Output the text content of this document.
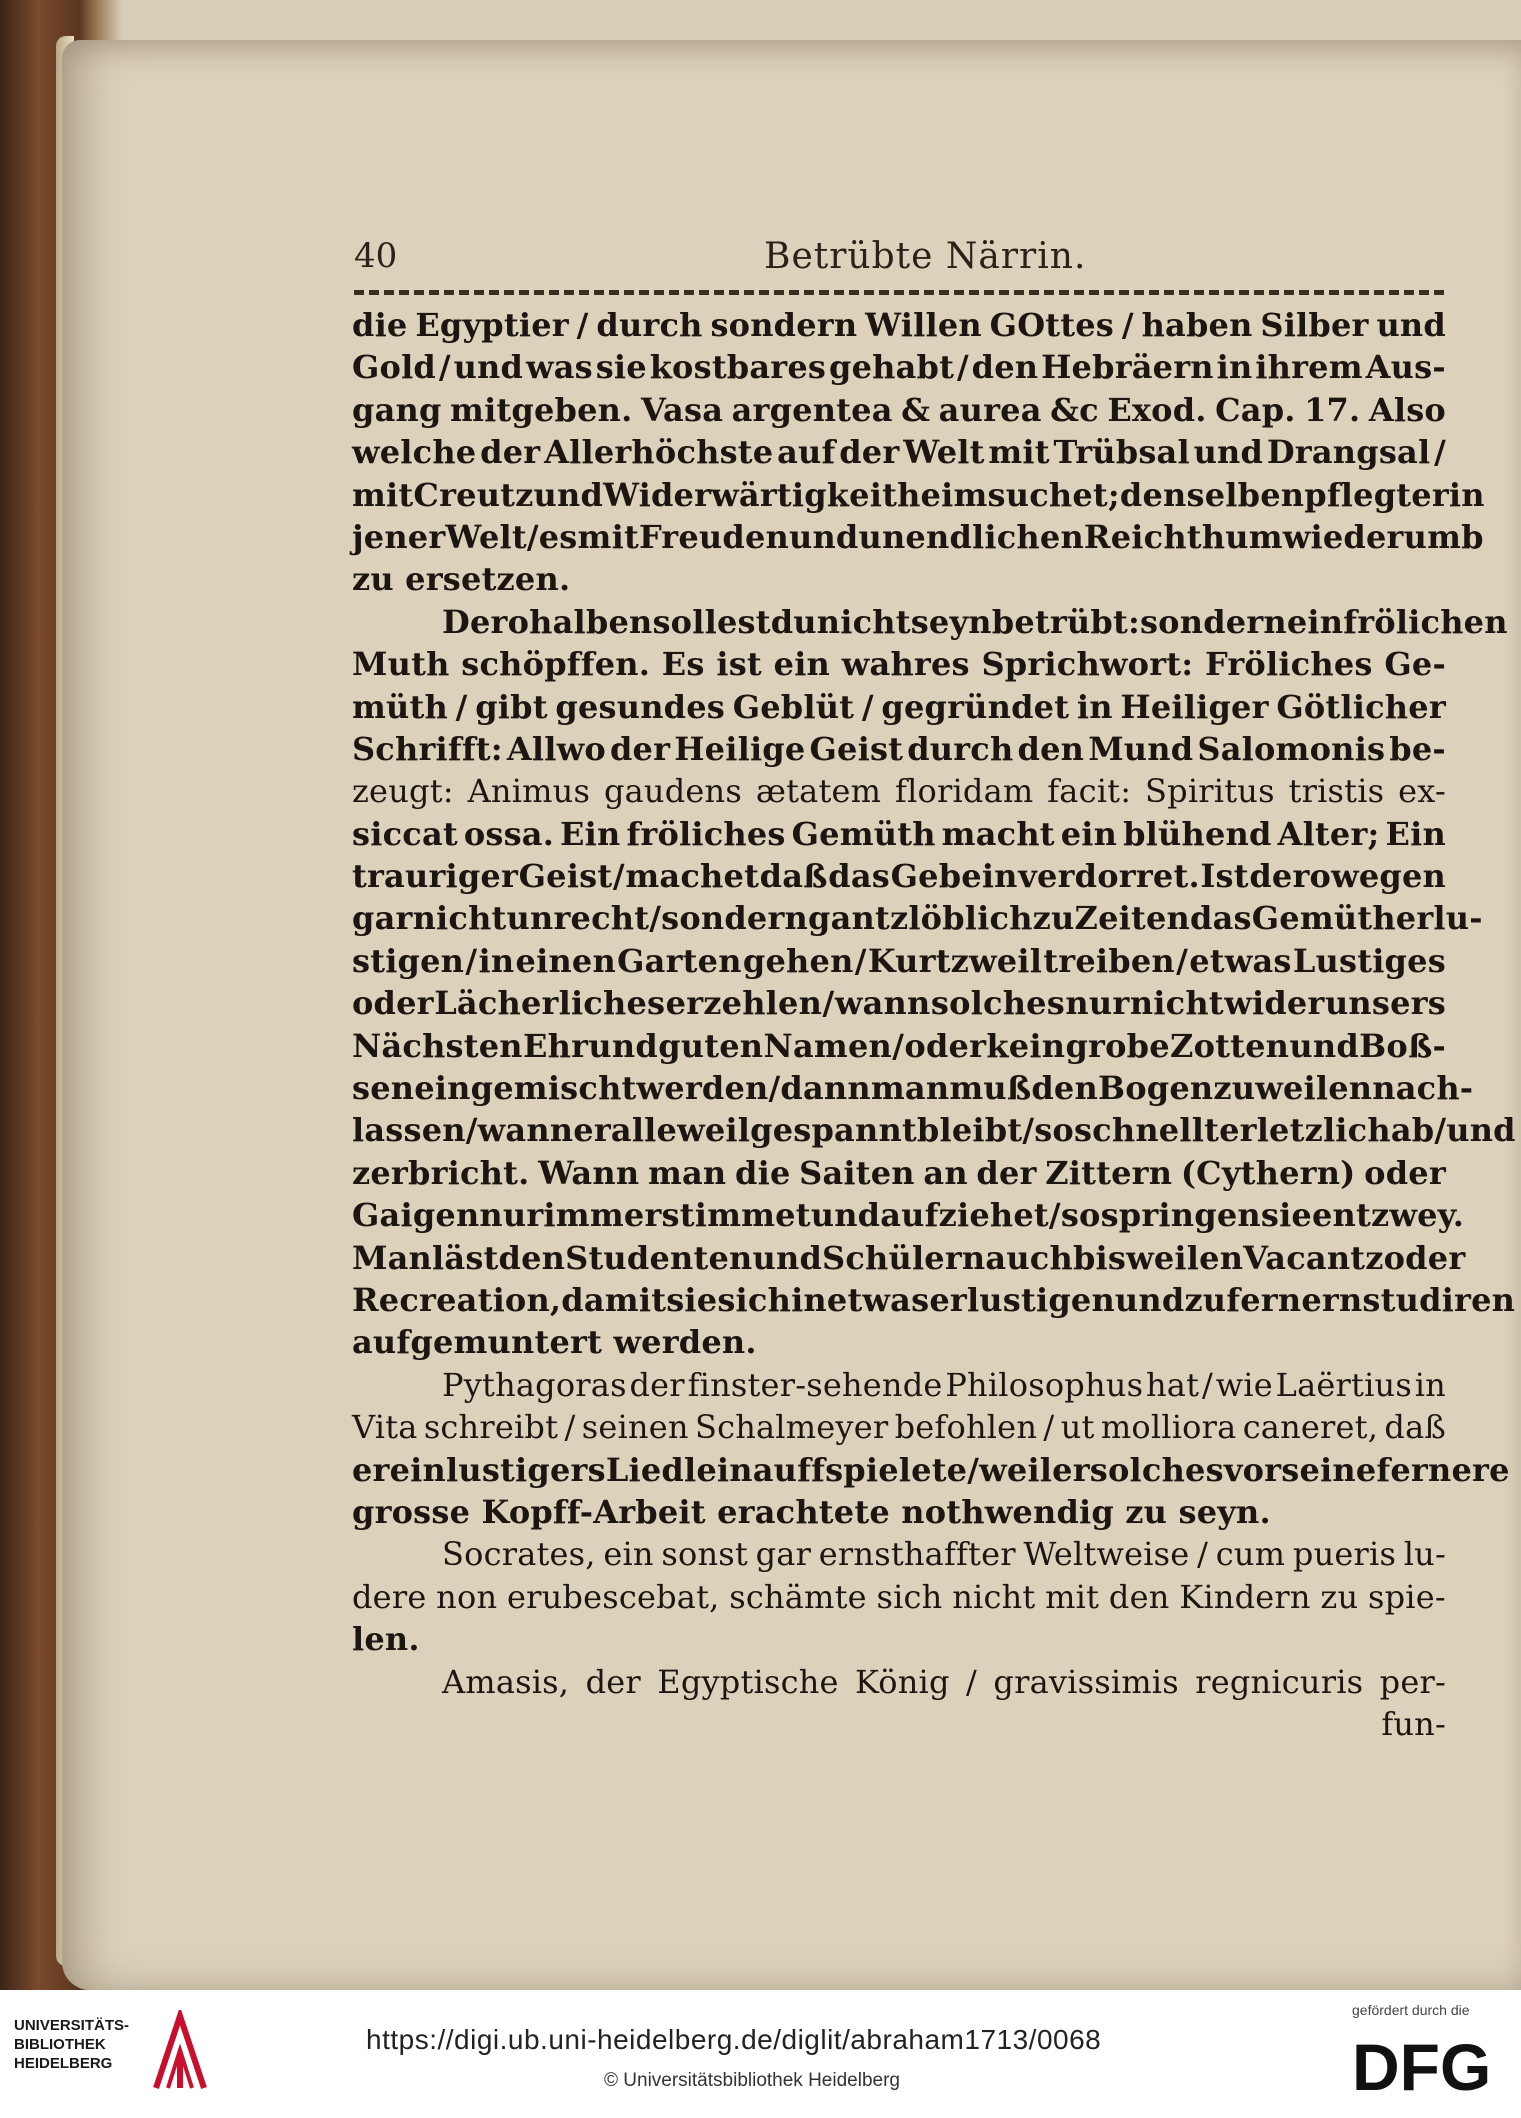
40	Betrübte Närrin.
die Egyptier / durch sondern Willen GOttes / haben Silber und
Gold / und was sie kostbares gehabt / den Hebräern in ihrem Aus-
gang mitgeben. Vasa argentea & aurea &c Exod. Cap. 17. Also
welche der Allerhöchste auf der Welt mit Trübsal und Drangsal /
mit Creutz und Widerwärtigkeit heimsuchet; denselben pflegt er in
jener Welt / es mit Freuden und unendlichen Reichthum wiederumb
zu ersetzen.
Derohalben sollest du nicht seyn betrübt: sondern ein frölichen
Muth schöpffen. Es ist ein wahres Sprichwort: Fröliches Ge-
müth / gibt gesundes Geblüt / gegründet in Heiliger Götlicher
Schrifft: Allwo der Heilige Geist durch den Mund Salomonis be-
zeugt: Animus gaudens ætatem floridam facit: Spiritus tristis ex-
siccat ossa. Ein fröliches Gemüth macht ein blühend Alter; Ein
trauriger Geist / machet daß das Gebein verdorret. Ist derowegen
gar nicht unrecht / sondern gantz löblich zu Zeiten das Gemüth erlu-
stigen / in einen Garten gehen / Kurtzweil treiben / etwas Lustiges
oder Lächerliches erzehlen / wann solches nur nicht wider unsers
Nächsten Ehr und guten Namen / oder kein grobe Zotten und Boß-
sen eingemischt werden / dann man muß den Bogen zu weilen nach-
lassen / wann er alleweil gespannt bleibt / so schnellt er letzlich ab / und
zerbricht. Wann man die Saiten an der Zittern (Cythern) oder
Gaigen nur immer stimmet und aufziehet / so springen sie entzwey.
Man läst den Studenten und Schülern auch bisweilen Vacantz oder
Recreation, damit sie sich in etwas erlustigen und zu fernern studiren
aufgemuntert werden.
Pythagoras der finster-sehende Philosophus hat / wie Laërtius in
Vita schreibt / seinen Schalmeyer befohlen / ut molliora caneret, daß
er ein lustigers Liedlein auffspielete / weil er solches vor seine fernere
grosse Kopff-Arbeit erachtete nothwendig zu seyn.
Socrates, ein sonst gar ernsthaffter Weltweise / cum pueris lu-
dere non erubescebat, schämte sich nicht mit den Kindern zu spie-
len.
Amasis, der Egyptische König / gravissimis regnicuris per-
fun-
UNIVERSITÄTS-BIBLIOTHEK HEIDELBERG
https://digi.ub.uni-heidelberg.de/diglit/abraham1713/0068
© Universitätsbibliothek Heidelberg
gefördert durch die
DFG
